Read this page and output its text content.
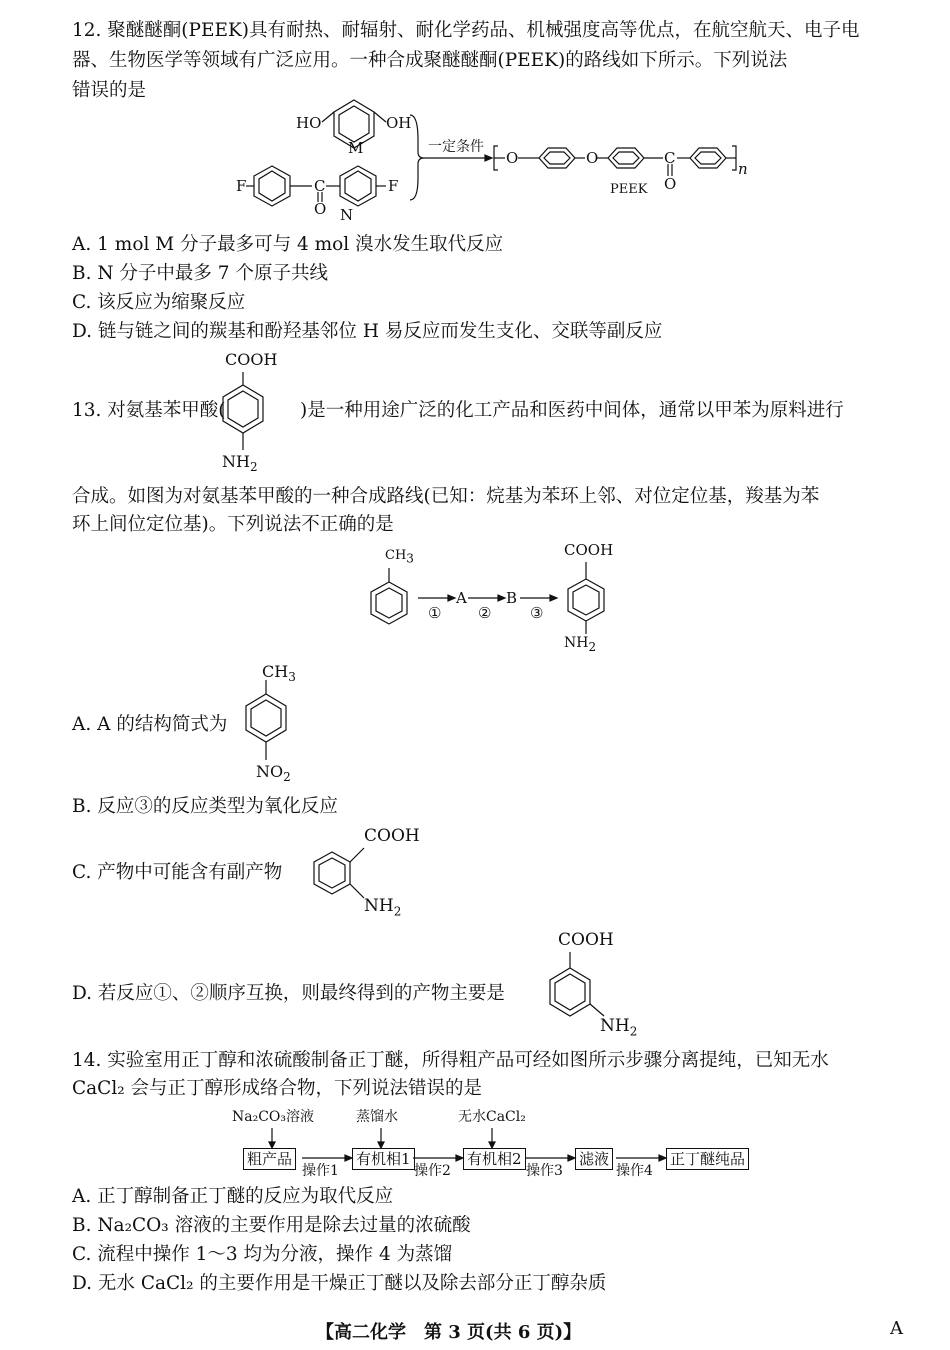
12. 聚醚醚酮(PEEK)具有耐热、耐辐射、耐化学药品、机械强度高等优点，在航空航天、电子电
器、生物医学等领域有广泛应用。一种合成聚醚醚酮(PEEK)的路线如下所示。下列说法
错误的是
HO	OH
M
F	C
O N
F
一定条件
O	O	C
O
PEEK
n
A. 1 mol M 分子最多可与 4 mol 溴水发生取代反应
B. N 分子中最多 7 个原子共线
C. 该反应为缩聚反应
D. 链与链之间的羰基和酚羟基邻位 H 易反应而发生支化、交联等副反应
COOH
13. 对氨基苯甲酸(	)是一种用途广泛的化工产品和医药中间体，通常以甲苯为原料进行
$NH_2$
合成。如图为对氨基苯甲酸的一种合成路线(已知：烷基为苯环上邻、对位定位基，羧基为苯
环上间位定位基)。下列说法不正确的是
$CH_3$
A	B
① ②	③
COOH
$NH_2$
$CH_3$
A. A 的结构简式为
$NO_2$
B. 反应③的反应类型为氧化反应
COOH
C. 产物中可能含有副产物
$NH_2$
COOH
D. 若反应①、②顺序互换，则最终得到的产物主要是
$NH_2$
14. 实验室用正丁醇和浓硫酸制备正丁醚，所得粗产品可经如图所示步骤分离提纯，已知无水
CaCl₂ 会与正丁醇形成络合物，下列说法错误的是
Na₂CO₃溶液	蒸馏水	无水CaCl₂
粗产品	有机相1	有机相2	滤液	正丁醚纯品
操作1	操作2	操作3	操作4
A. 正丁醇制备正丁醚的反应为取代反应
B. Na₂CO₃ 溶液的主要作用是除去过量的浓硫酸
C. 流程中操作 1～3 均为分液，操作 4 为蒸馏
D. 无水 CaCl₂ 的主要作用是干燥正丁醚以及除去部分正丁醇杂质
【高二化学　第 3 页(共 6 页)】	A
